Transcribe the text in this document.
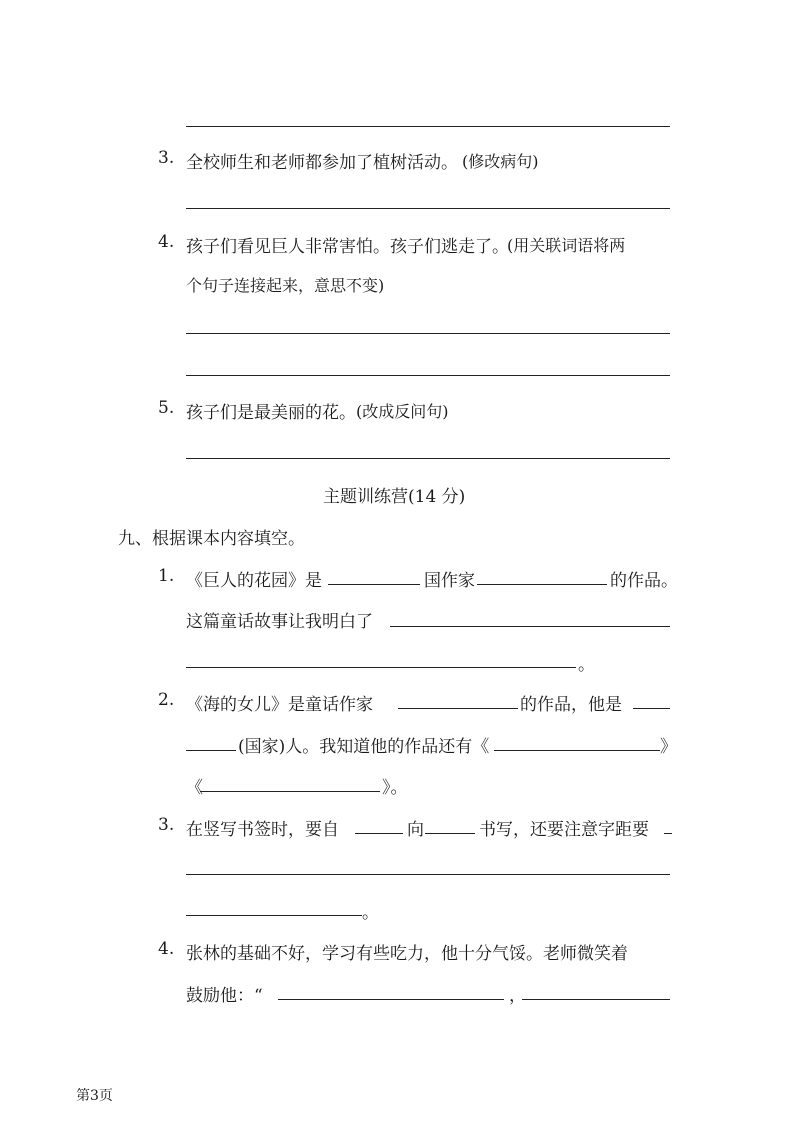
3. 全校师生和老师都参加了植树活动。 (修改病句)
4. 孩子们看见巨人非常害怕。孩子们逃走了。
(用关联词语将两
个句子连接起来，意思不变)
5. 孩子们是最美丽的花。 (改成反问句)
主题训练营(14 分)
九、根据课本内容填空。
1. 《巨人的花园》是	国作家	的作品。
这篇童话故事让我明白了
。
2. 《海的女儿》是童话作家	的作品，他是
(国家)人。我知道他的作品还有《	》
《	》。
3. 在竖写书签时，要自	向	书写，还要注意字距要
。
4. 张林的基础不好，学习有些吃力，他十分气馁。老师微笑着
鼓励他：“	，
第3页
